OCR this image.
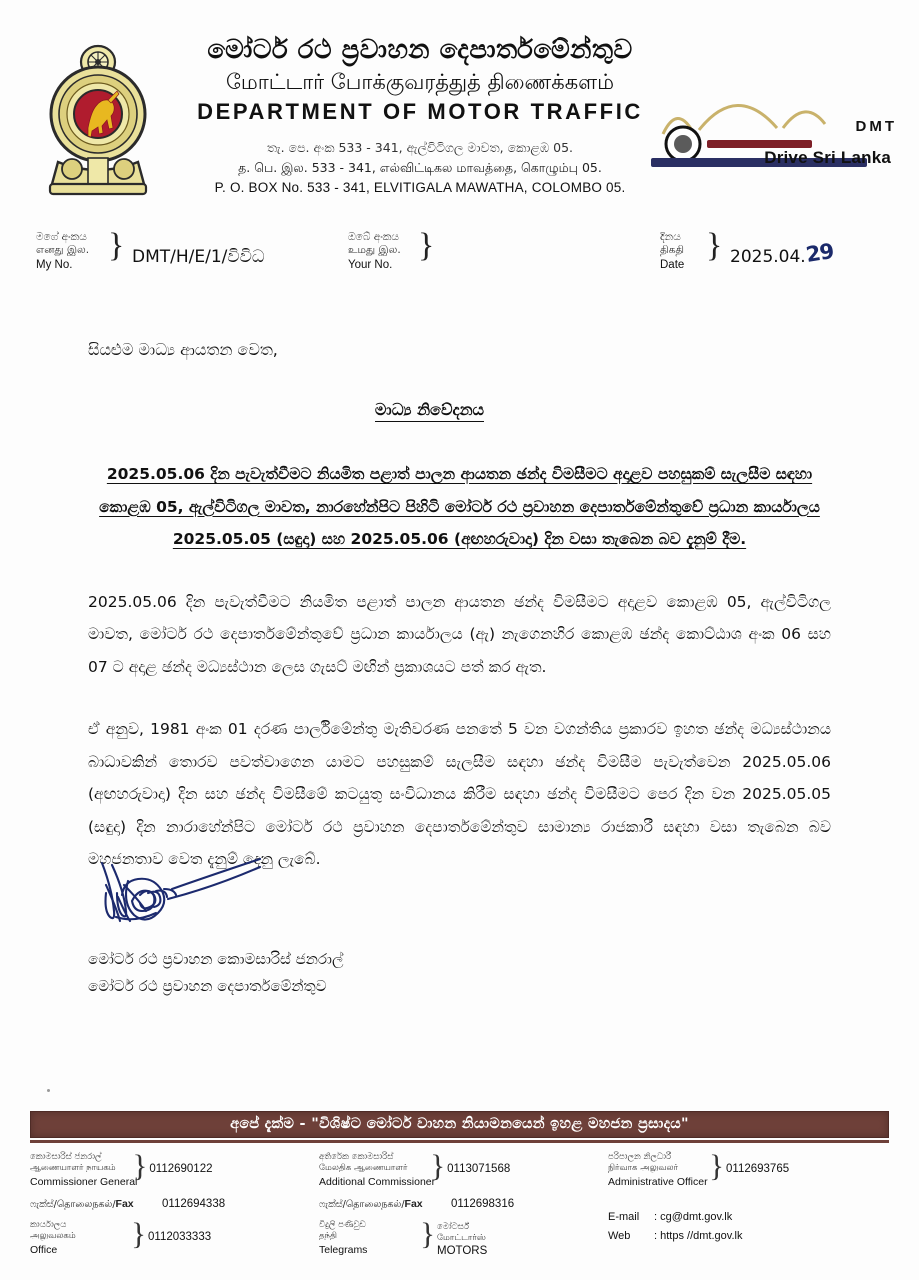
මෝටර් රථ ප්‍රවාහන දෙපාර්තමේන්තුව
மோட்டார் போக்குவரத்துத் திணைக்களம்
DEPARTMENT OF MOTOR TRAFFIC
තැ. පෙ. අංක 533 - 341, ඇල්විටිගල මාවත, කොළඹ 05.
த. பெ. இல. 533 - 341, எல்விட்டிகல மாவத்தை, கொழும்பு 05.
P. O. BOX No. 533 - 341, ELVITIGALA MAWATHA, COLOMBO 05.
DMT
Drive Sri Lanka
මගේ අංකය
எனது இல.
My No.
} DMT/H/E/1/විවිධ
ඔබේ අංකය
உமது இல.
Your No.
}	දිනය
திகதி
Date
} 2025.04.
29
සියළුම මාධ්‍ය ආයතන වෙත,
මාධ්‍ය නිවේදනය
2025.05.06 දින පැවැත්වීමට නියමිත පළාත් පාලන ආයතන ඡන්ද විමසීමට අදාළව පහසුකම් සැලසීම සඳහා කොළඹ 05, ඇල්විටිගල මාවත, නාරහේන්පිට පිහිටි මෝටර් රථ ප්‍රවාහන දෙපාර්තමේන්තුවේ ප්‍රධාන කාර්යාලය 2025.05.05 (සඳුදා) සහ 2025.05.06 (අඟහරුවාදා) දින වසා තැබෙන බව දැනුම් දීම.
2025.05.06 දින පැවැත්වීමට නියමිත පළාත් පාලන ආයතන ඡන්ද විමසීමට අදාළව කොළඹ 05, ඇල්විටිගල මාවත, මෝටර් රථ දෙපාර්තමේන්තුවේ ප්‍රධාන කාර්යාලය (ඇ) නැගෙනහිර කොළඹ ඡන්ද කොට්ඨාශ අංක 06 සහ 07 ට අදාළ ඡන්ද මධ්‍යස්ථාන ලෙස ගැසට් මඟින් ප්‍රකාශයට පත් කර ඇත.
ඒ අනුව, 1981 අංක 01 දරණ පාර්ලිමේන්තු මැතිවරණ පනතේ 5 වන වගන්තිය ප්‍රකාරව ඉහත ඡන්ද මධ්‍යස්ථානය බාධාවකින් තොරව පවත්වාගෙන යාමට පහසුකම් සැලසීම සඳහා ඡන්ද විමසීම පැවැත්වෙන 2025.05.06 (අඟහරුවාදා) දින සහ ඡන්ද විමසීමේ කටයුතු සංවිධානය කිරීම සඳහා ඡන්ද විමසීමට පෙර දින වන 2025.05.05 (සඳුදා) දින නාරාහේන්පිට මෝටර් රථ ප්‍රවාහන දෙපාර්තමේන්තුව සාමාන්‍ය රාජකාරී සඳහා වසා තැබෙන බව මහජනතාව වෙත දැනුම් දෙනු ලැබේ.
මෝටර් රථ ප්‍රවාහන කොමසාරිස් ජනරාල්
මෝටර් රථ ප්‍රවාහන දෙපාර්තමේන්තුව
අපේ දැක්ම - "විශිෂ්ට මෝටර් වාහන නියාමනයෙන් ඉහළ මහජන ප්‍රසාදය"
කොමසාරිස් ජනරාල්
ஆணையாளர் நாயகம்
Commissioner General
} 0112690122
ෆැක්ස්/தொலைநகல்/Fax	0112694338
කාර්යාලය
அலுவலகம்
Office	} 0112033333
අතිරේක කොමසාරිස්
மேலதிக ஆணையாளர்
Additional Commissioner
} 0113071568
ෆැක්ස්/தொலைநகல்/Fax	0112698316
විදුලි පණිවුඩ
தந்தி
Telegrams	} මෝටර්ස්
மோட்டார்ஸ்
MOTORS
පරිපාලන නිලධාරී
நிர்வாக அலுவலர்
Administrative Officer } 0112693765
E-mail : cg@dmt.gov.lk
Web : https //dmt.gov.lk
